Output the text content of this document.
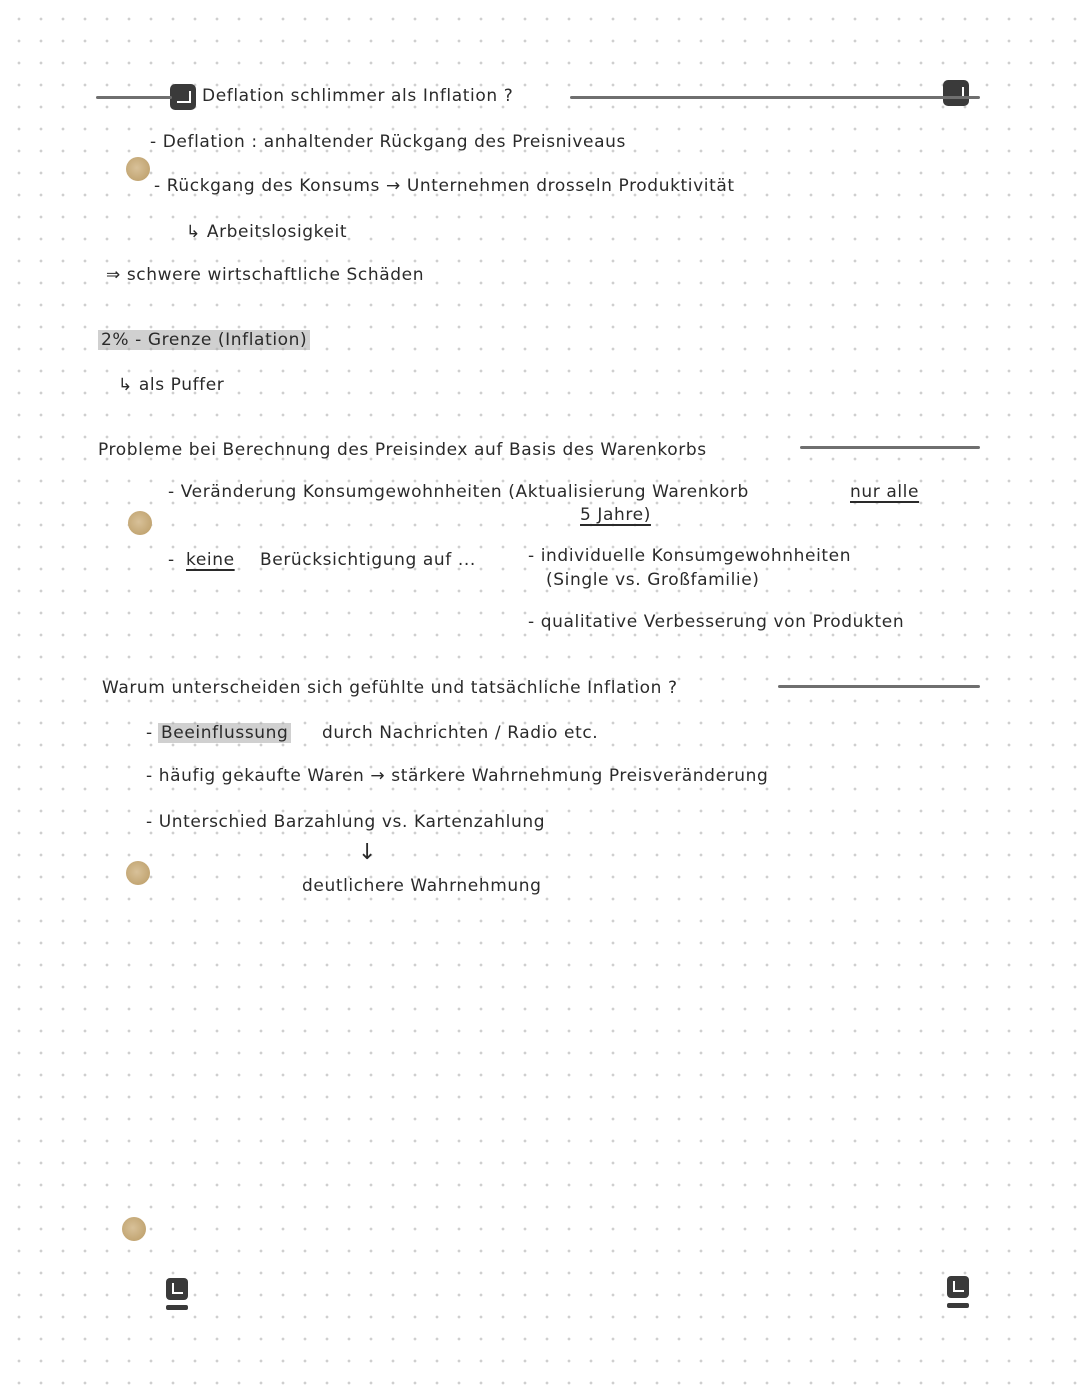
Deflation schlimmer als Inflation ?
- Deflation : anhaltender Rückgang des Preisniveaus
- Rückgang des Konsums → Unternehmen drosseln Produktivität
↳ Arbeitslosigkeit
⇒ schwere wirtschaftliche Schäden
2% - Grenze (Inflation)
↳ als Puffer
Probleme bei Berechnung des Preisindex auf Basis des Warenkorbs
- Veränderung Konsumgewohnheiten (Aktualisierung Warenkorb	nur alle
5 Jahre)
- keine Berücksichtigung auf ...	- individuelle Konsumgewohnheiten
(Single vs. Großfamilie)
- qualitative Verbesserung von Produkten
Warum unterscheiden sich gefühlte und tatsächliche Inflation ?
- Beeinflussung durch Nachrichten / Radio etc.
- häufig gekaufte Waren → stärkere Wahrnehmung Preisveränderung
- Unterschied Barzahlung vs. Kartenzahlung
↓
deutlichere Wahrnehmung
